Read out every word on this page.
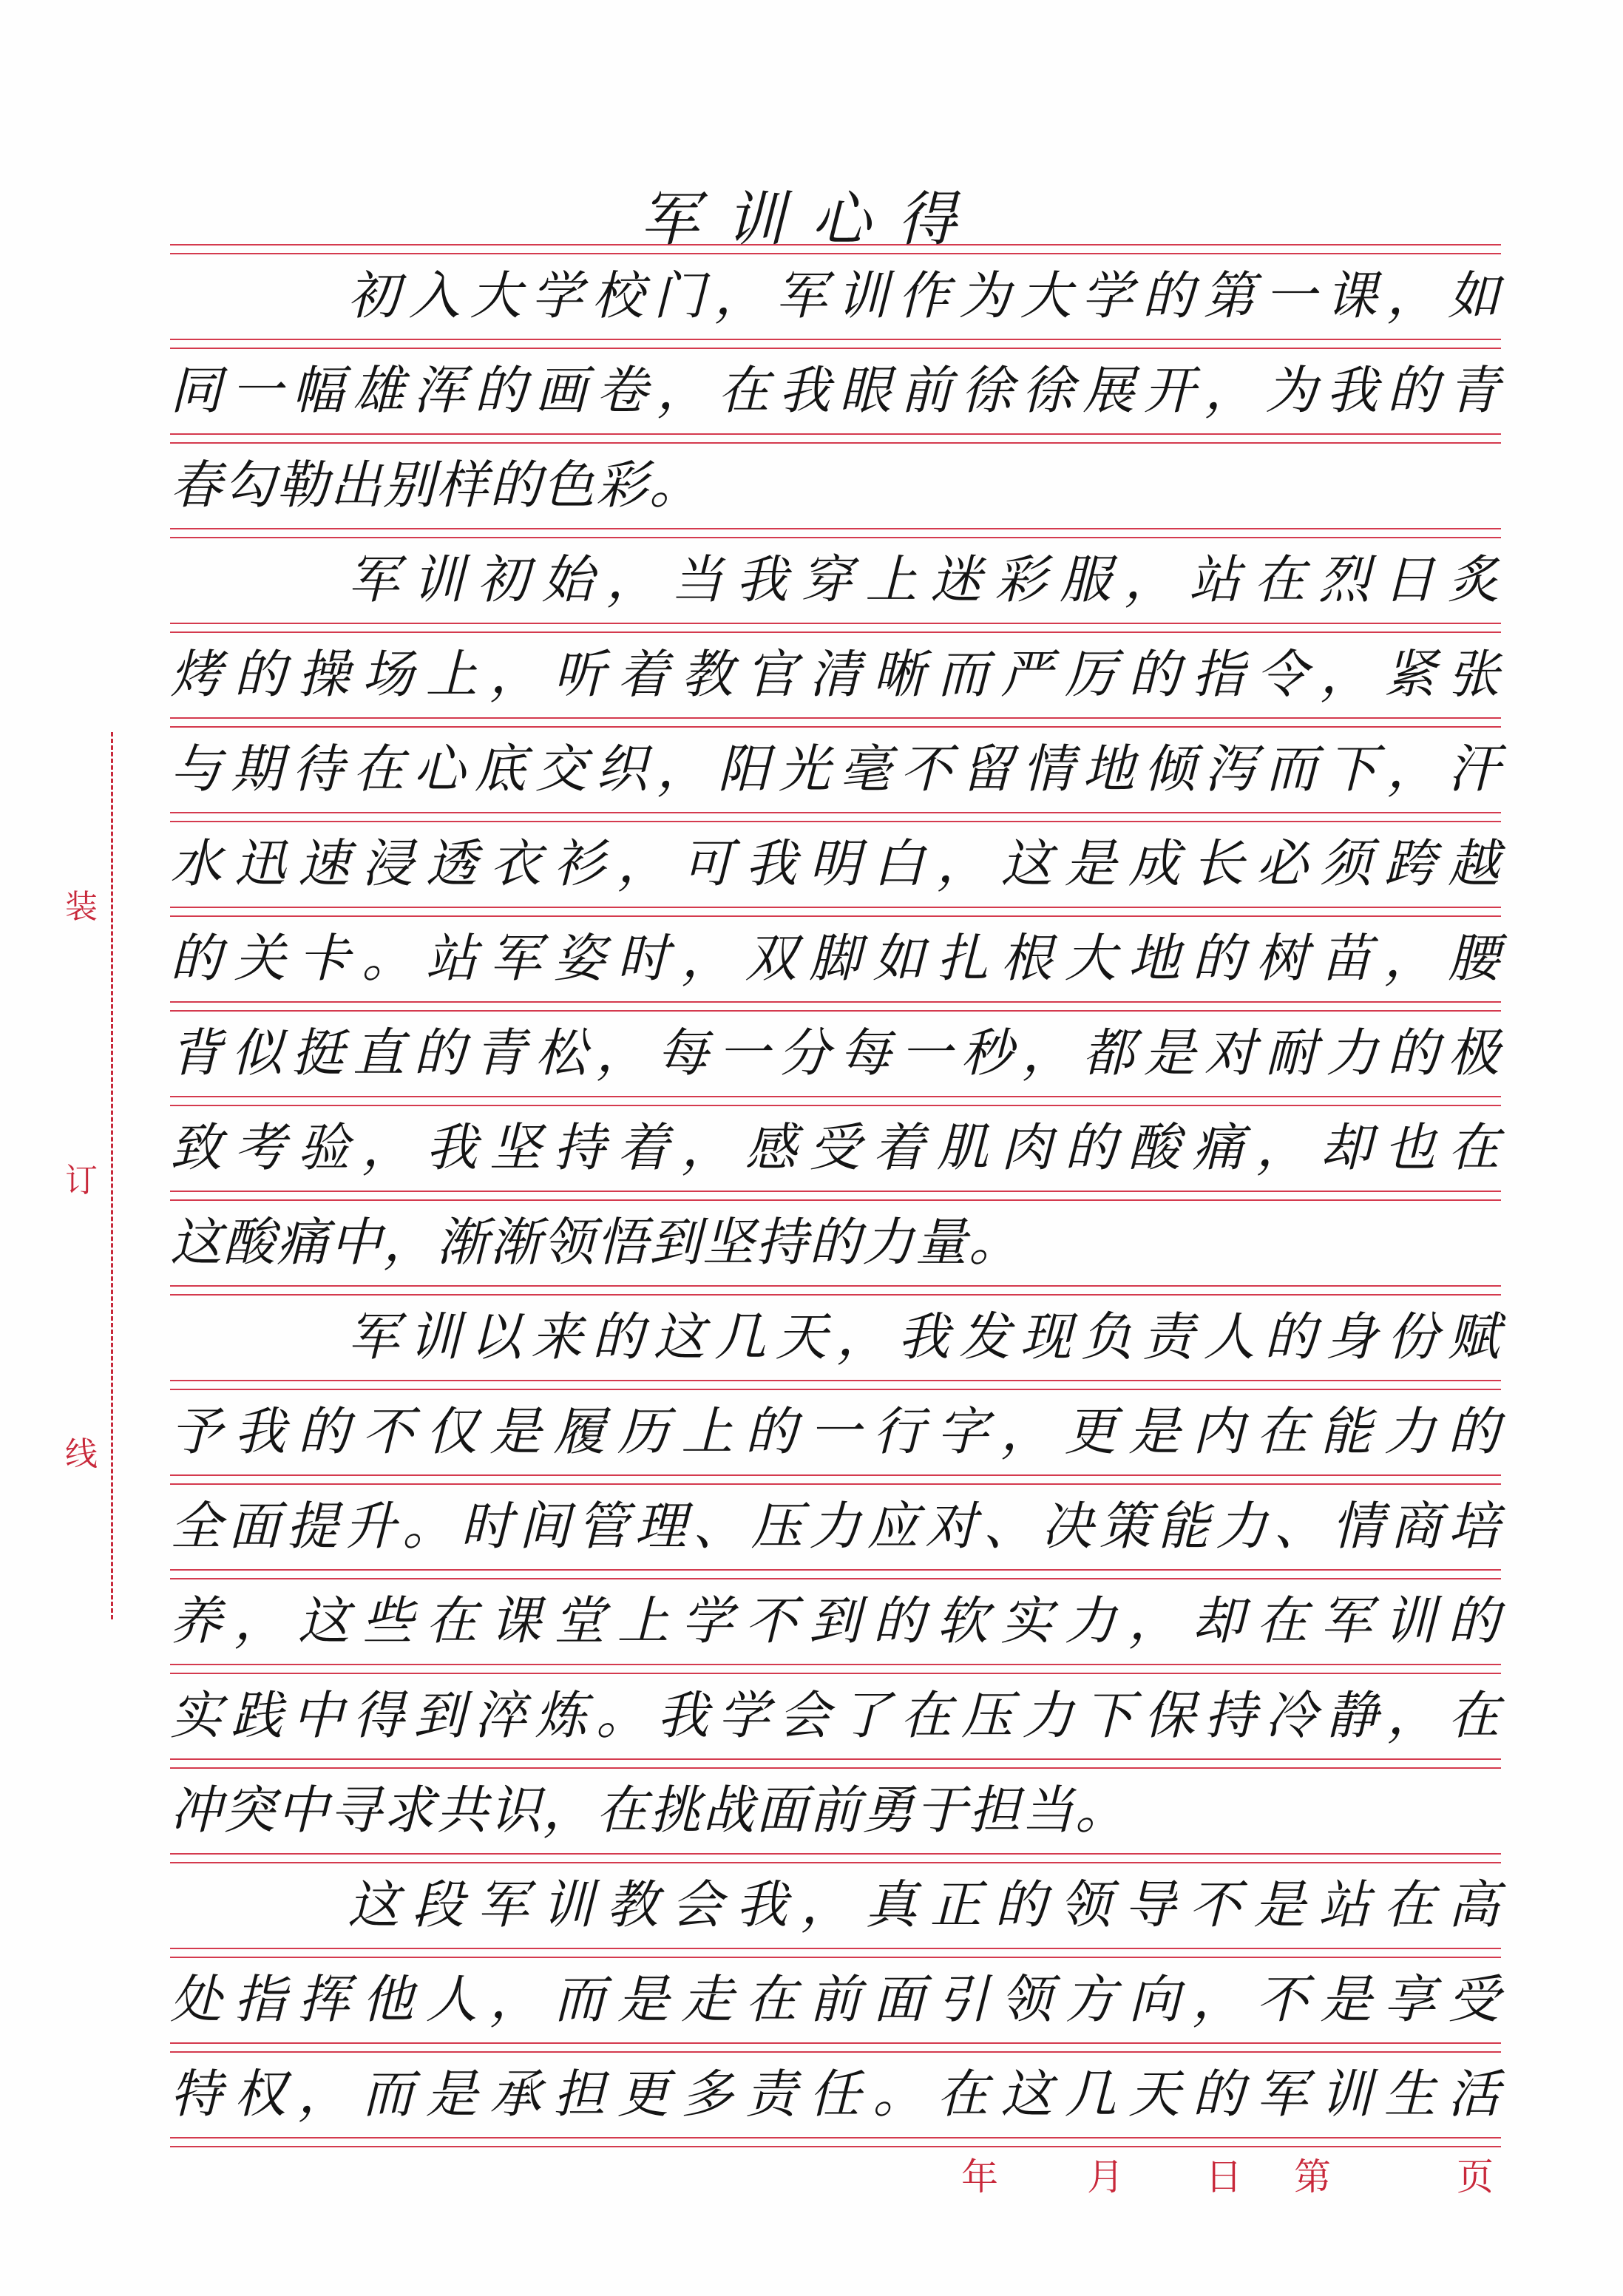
装
订
线
军训心得
初入大学校门，军训作为大学的第一课，如
同一幅雄浑的画卷，在我眼前徐徐展开，为我的青
春勾勒出别样的色彩。
军训初始，当我穿上迷彩服，站在烈日炙
烤的操场上，听着教官清晰而严厉的指令，紧张
与期待在心底交织，阳光毫不留情地倾泻而下，汗
水迅速浸透衣衫，可我明白，这是成长必须跨越
的关卡。站军姿时，双脚如扎根大地的树苗，腰
背似挺直的青松，每一分每一秒，都是对耐力的极
致考验，我坚持着，感受着肌肉的酸痛，却也在
这酸痛中，渐渐领悟到坚持的力量。
军训以来的这几天，我发现负责人的身份赋
予我的不仅是履历上的一行字，更是内在能力的
全面提升。时间管理、压力应对、决策能力、情商培
养，这些在课堂上学不到的软实力，却在军训的
实践中得到淬炼。我学会了在压力下保持冷静，在
冲突中寻求共识，在挑战面前勇于担当。
这段军训教会我，真正的领导不是站在高
处指挥他人，而是走在前面引领方向，不是享受
特权，而是承担更多责任。在这几天的军训生活
年 月 日 第	页
